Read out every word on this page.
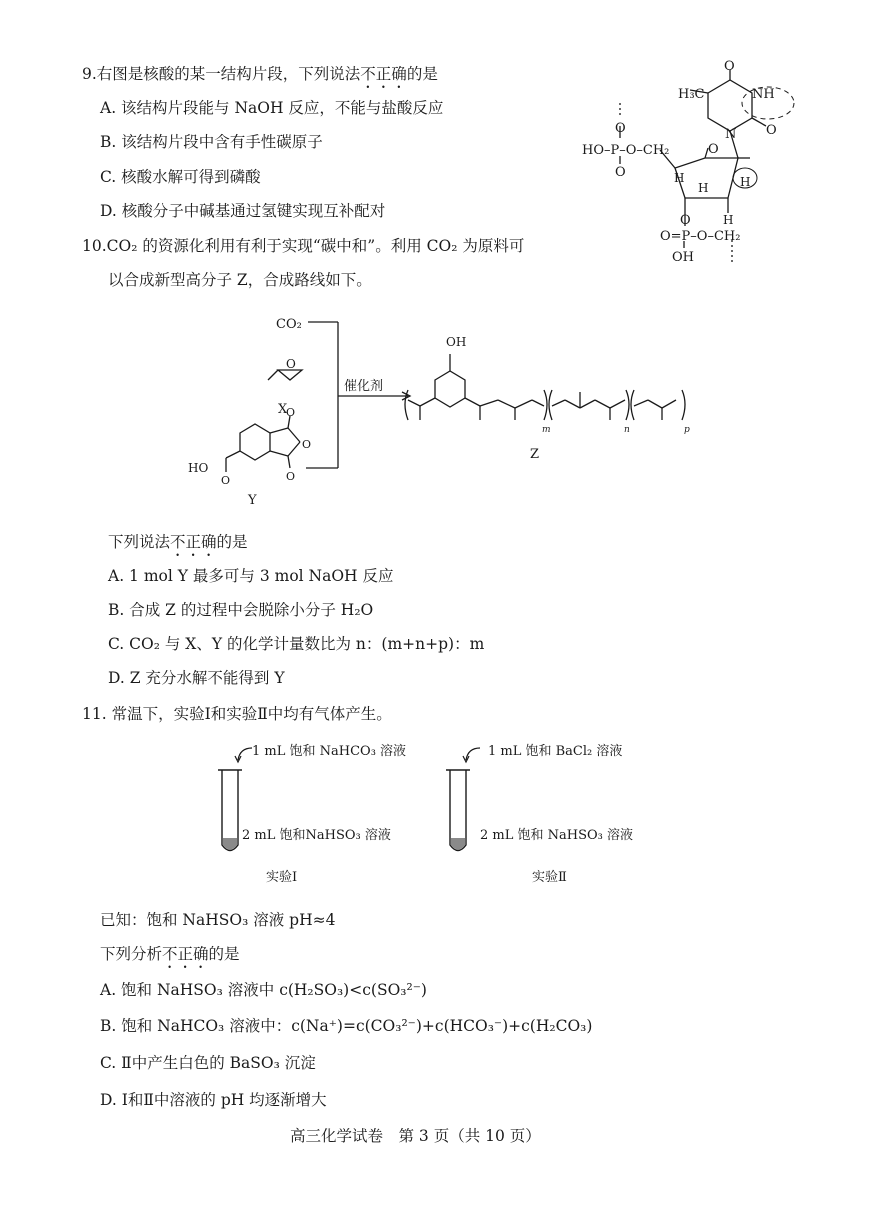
9.右图是核酸的某一结构片段，下列说法不正确的是
A. 该结构片段能与 NaOH 反应，不能与盐酸反应
B. 该结构片段中含有手性碳原子
C. 核酸水解可得到磷酸
D. 核酸分子中碱基通过氢键实现互补配对
H₃C
O
NH
O
N
O
HO–P–O–CH₂
O
O
H
H	H
H
O
O=P–O–CH₂
OH
10.CO₂ 的资源化利用有利于实现“碳中和”。利用 CO₂ 为原料可
以合成新型高分子 Z，合成路线如下。
CO₂
O
X
催化剂
O
O
O
HO
O
Y
OH
Z
m	n	p
下列说法不正确的是
A. 1 mol Y 最多可与 3 mol NaOH 反应
B. 合成 Z 的过程中会脱除小分子 H₂O
C. CO₂ 与 X、Y 的化学计量数比为 n：(m+n+p)：m
D. Z 充分水解不能得到 Y
11. 常温下，实验Ⅰ和实验Ⅱ中均有气体产生。
1 mL 饱和 NaHCO₃ 溶液
2 mL 饱和NaHSO₃ 溶液
实验Ⅰ
1 mL 饱和 BaCl₂ 溶液
2 mL 饱和 NaHSO₃ 溶液
实验Ⅱ
已知：饱和 NaHSO₃ 溶液 pH≈4
下列分析不正确的是
A. 饱和 NaHSO₃ 溶液中 c(H₂SO₃)<c(SO₃²⁻)
B. 饱和 NaHCO₃ 溶液中：c(Na⁺)=c(CO₃²⁻)+c(HCO₃⁻)+c(H₂CO₃)
C. Ⅱ中产生白色的 BaSO₃ 沉淀
D. Ⅰ和Ⅱ中溶液的 pH 均逐渐增大
高三化学试卷　第 3 页（共 10 页）
